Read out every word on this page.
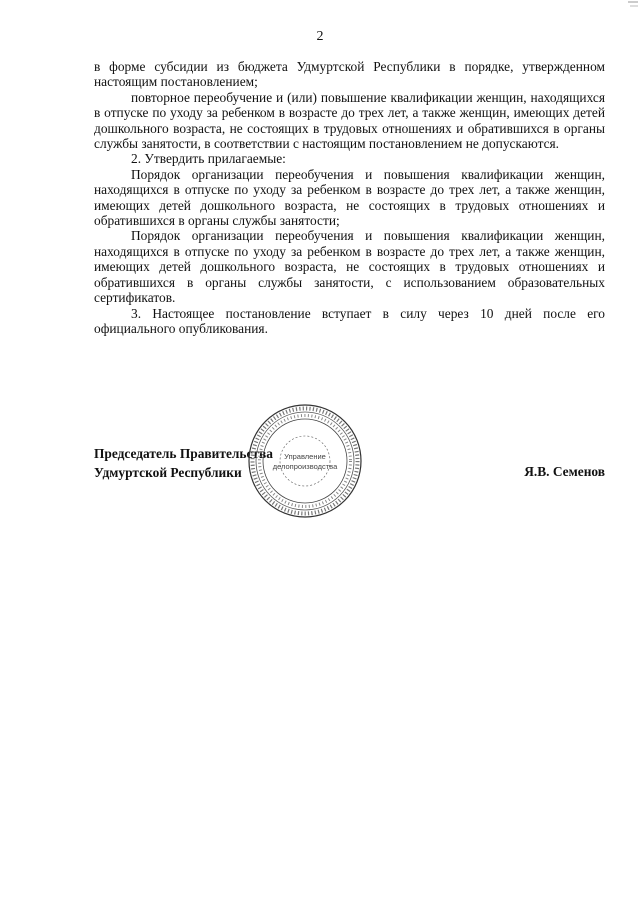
2

в форме субсидии из бюджета Удмуртской Республики в порядке, утвержденном настоящим постановлением;

повторное переобучение и (или) повышение квалификации женщин, находящихся в отпуске по уходу за ребенком в возрасте до трех лет, а также женщин, имеющих детей дошкольного возраста, не состоящих в трудовых отношениях и обратившихся в органы службы занятости, в соответствии с настоящим постановлением не допускаются.

2. Утвердить прилагаемые:

Порядок организации переобучения и повышения квалификации женщин, находящихся в отпуске по уходу за ребенком в возрасте до трех лет, а также женщин, имеющих детей дошкольного возраста, не состоящих в трудовых отношениях и обратившихся в органы службы занятости;

Порядок организации переобучения и повышения квалификации женщин, находящихся в отпуске по уходу за ребенком в возрасте до трех лет, а также женщин, имеющих детей дошкольного возраста, не состоящих в трудовых отношениях и обратившихся в органы службы занятости, с использованием образовательных сертификатов.

3. Настоящее постановление вступает в силу через 10 дней после его официального опубликования.

Председатель Правительства
Удмуртской Республики	Я.В. Семенов
Управление
делопроизводства
